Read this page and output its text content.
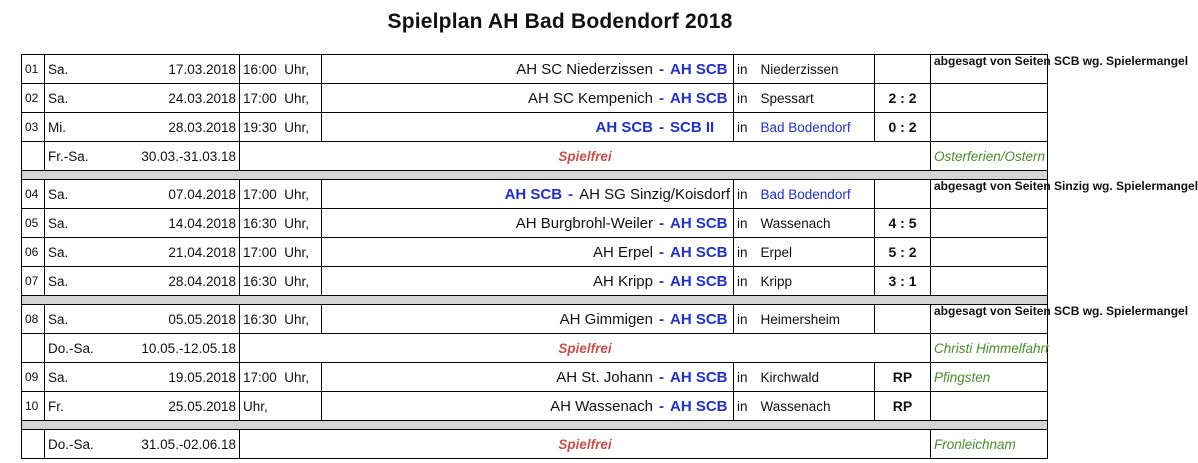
Spielplan AH Bad Bodendorf 2018
01	Sa.	17.03.2018	16:00  Uhr,	AH SC Niederzissen - AH SCB	in	Niederzissen		abgesagt von Seiten SCB wg. Spielermangel
02	Sa.	24.03.2018	17:00  Uhr,	AH SC Kempenich - AH SCB	in	Spessart	2 : 2	
03	Mi.	28.03.2018	19:30  Uhr,	AH SCB - SCB II	in	Bad Bodendorf	0 : 2	
	Fr.-Sa.	30.03.-31.03.18	Spielfrei					Osterferien/Ostern

04	Sa.	07.04.2018	17:00  Uhr,	AH SCB - AH SG Sinzig/Koisdorf	in	Bad Bodendorf		abgesagt von Seiten Sinzig wg. Spielermangel
05	Sa.	14.04.2018	16:30  Uhr,	AH Burgbrohl-Weiler - AH SCB	in	Wassenach	4 : 5	
06	Sa.	21.04.2018	17:00  Uhr,	AH Erpel - AH SCB	in	Erpel	5 : 2	
07	Sa.	28.04.2018	16:30  Uhr,	AH Kripp - AH SCB	in	Kripp	3 : 1	

08	Sa.	05.05.2018	16:30  Uhr,	AH Gimmigen - AH SCB	in	Heimersheim		abgesagt von Seiten SCB wg. Spielermangel
	Do.-Sa.	10.05.-12.05.18	Spielfrei					Christi Himmelfahrt
09	Sa.	19.05.2018	17:00  Uhr,	AH St. Johann - AH SCB	in	Kirchwald	RP	Pfingsten
10	Fr.	25.05.2018	Uhr,	AH Wassenach - AH SCB	in	Wassenach	RP	

	Do.-Sa.	31.05.-02.06.18	Spielfrei					Fronleichnam
